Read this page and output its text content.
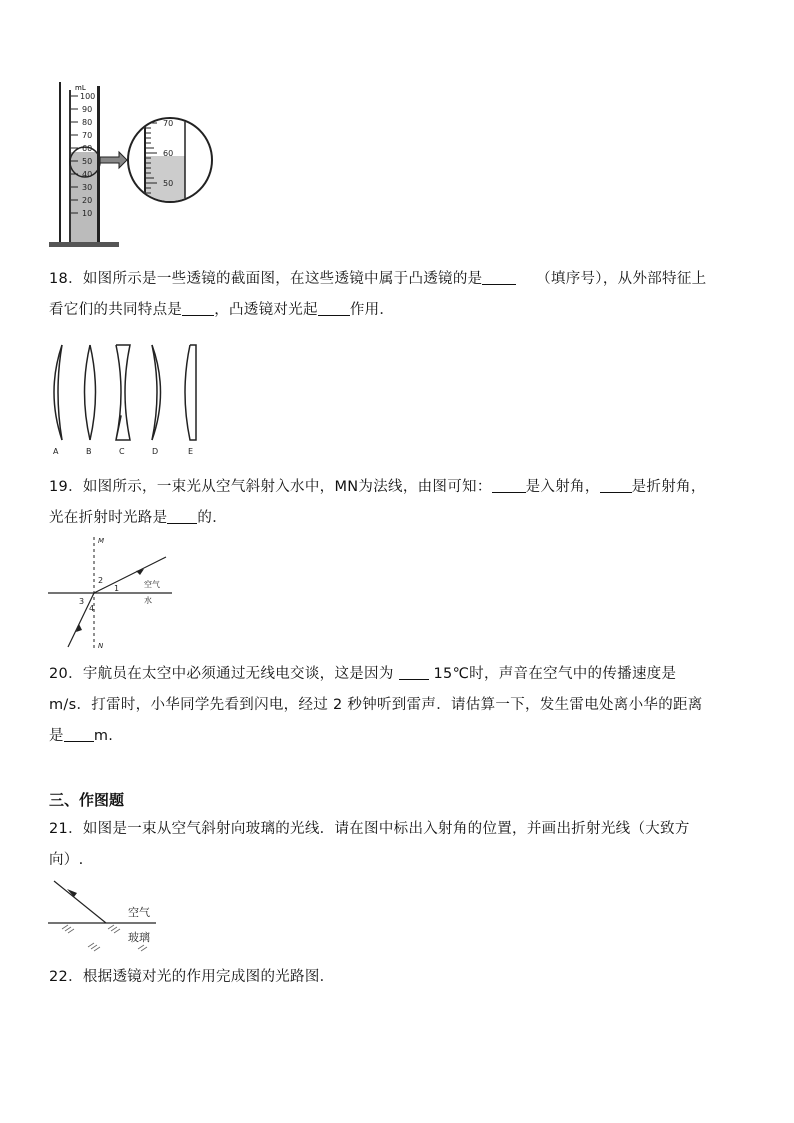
mL
100
90
80
70
60
50
40
30
20
10
70
60
50
18．如图所示是一些透镜的截面图，在这些透镜中属于凸透镜的是	（填序号），从外部特征上
看它们的共同特点是 ，凸透镜对光起 作用．
A	B	C	D	E
19．如图所示，一束光从空气斜射入水中，MN为法线，由图可知： 是入射角， 是折射角，
光在折射时光路是 的．
M
N
空气
水
1
2
3
4
20．宇航员在太空中必须通过无线电交谈，这是因为	15℃时，声音在空气中的传播速度是
m/s．打雷时，小华同学先看到闪电，经过 2 秒钟听到雷声．请估算一下，发生雷电处离小华的距离
是 m.
三、作图题
21．如图是一束从空气斜射向玻璃的光线．请在图中标出入射角的位置，并画出折射光线（大致方
向）.
空气
玻璃
22．根据透镜对光的作用完成图的光路图．
